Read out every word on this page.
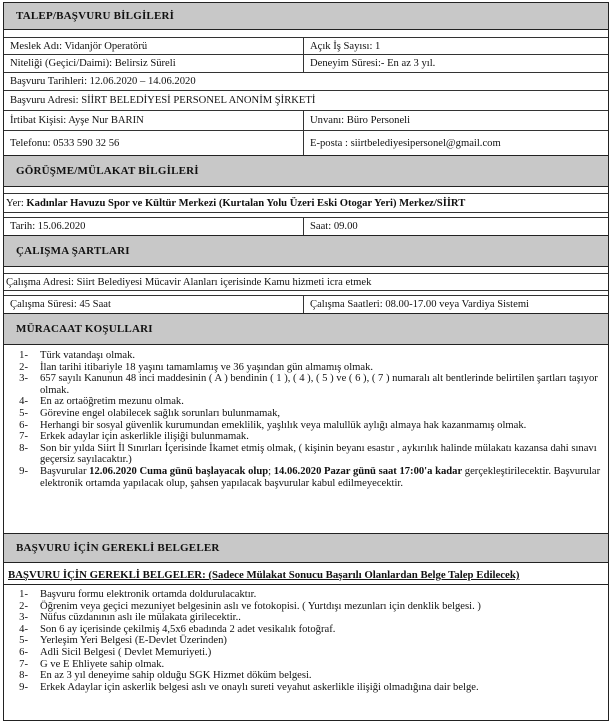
TALEP/BAŞVURU BİLGİLERİ
Meslek Adı: Vidanjör Operatörü	Açık İş Sayısı: 1
Niteliği (Geçici/Daimi): Belirsiz Süreli	Deneyim Süresi:- En az 3 yıl.
Başvuru Tarihleri: 12.06.2020 – 14.06.2020
Başvuru Adresi: SİİRT BELEDİYESİ PERSONEL ANONİM ŞİRKETİ
İrtibat Kişisi: Ayşe Nur BARIN	Unvanı: Büro Personeli
Telefonu: 0533 590 32 56	E-posta : siirtbelediyesipersonel@gmail.com
GÖRÜŞME/MÜLAKAT BİLGİLERİ
Yer:
Kadınlar Havuzu Spor ve Kültür Merkezi (Kurtalan Yolu Üzeri Eski Otogar Yeri) Merkez/SİİRT
Tarih: 15.06.2020	Saat: 09.00
ÇALIŞMA ŞARTLARI
Çalışma Adresi: Siirt Belediyesi Mücavir Alanları içerisinde Kamu hizmeti icra etmek
Çalışma Süresi: 45 Saat	Çalışma Saatleri: 08.00-17.00 veya Vardiya Sistemi
MÜRACAAT KOŞULLARI
1-	Türk vatandaşı olmak.
2-	İlan tarihi itibariyle 18 yaşını tamamlamış ve 36 yaşından gün almamış olmak.
3-	657 sayılı Kanunun 48 inci maddesinin ( A ) bendinin ( 1 ), ( 4 ), ( 5 ) ve ( 6 ), ( 7 ) numaralı alt bentlerinde belirtilen şartları taşıyor olmak.
4-	En az ortaöğretim mezunu olmak.
5-	Görevine engel olabilecek sağlık sorunları bulunmamak,
6-	Herhangi bir sosyal güvenlik kurumundan emeklilik, yaşlılık veya malullük aylığı almaya hak kazanmamış olmak.
7-	Erkek adaylar için askerlikle ilişiği bulunmamak.
8-	Son bir yılda Siirt İl Sınırları İçerisinde İkamet etmiş olmak, ( kişinin beyanı esastır , aykırılık halinde mülakatı kazansa dahi sınavı geçersiz sayılacaktır.)
9-	Başvurular 12.06.2020 Cuma günü başlayacak olup; 14.06.2020 Pazar günü saat 17:00'a kadar gerçekleştirilecektir. Başvurular elektronik ortamda yapılacak olup, şahsen yapılacak başvurular kabul edilmeyecektir.
BAŞVURU İÇİN GEREKLİ BELGELER
BAŞVURU İÇİN GEREKLİ BELGELER: (Sadece Mülakat Sonucu Başarılı Olanlardan Belge Talep Edilecek)
1-	Başvuru formu elektronik ortamda doldurulacaktır.
2-	Öğrenim veya geçici mezuniyet belgesinin aslı ve fotokopisi. ( Yurtdışı mezunları için denklik belgesi. )
3-	Nüfus cüzdanının aslı ile mülakata girilecektir..
4-	Son 6 ay içerisinde çekilmiş 4,5x6 ebadında 2 adet vesikalık fotoğraf.
5-	Yerleşim Yeri Belgesi (E-Devlet Üzerinden)
6-	Adli Sicil Belgesi ( Devlet Memuriyeti.)
7-	G ve E Ehliyete sahip olmak.
8-	En az 3 yıl deneyime sahip olduğu SGK Hizmet döküm belgesi.
9-	Erkek Adaylar için askerlik belgesi aslı ve onaylı sureti veyahut askerlikle ilişiği olmadığına dair belge.
